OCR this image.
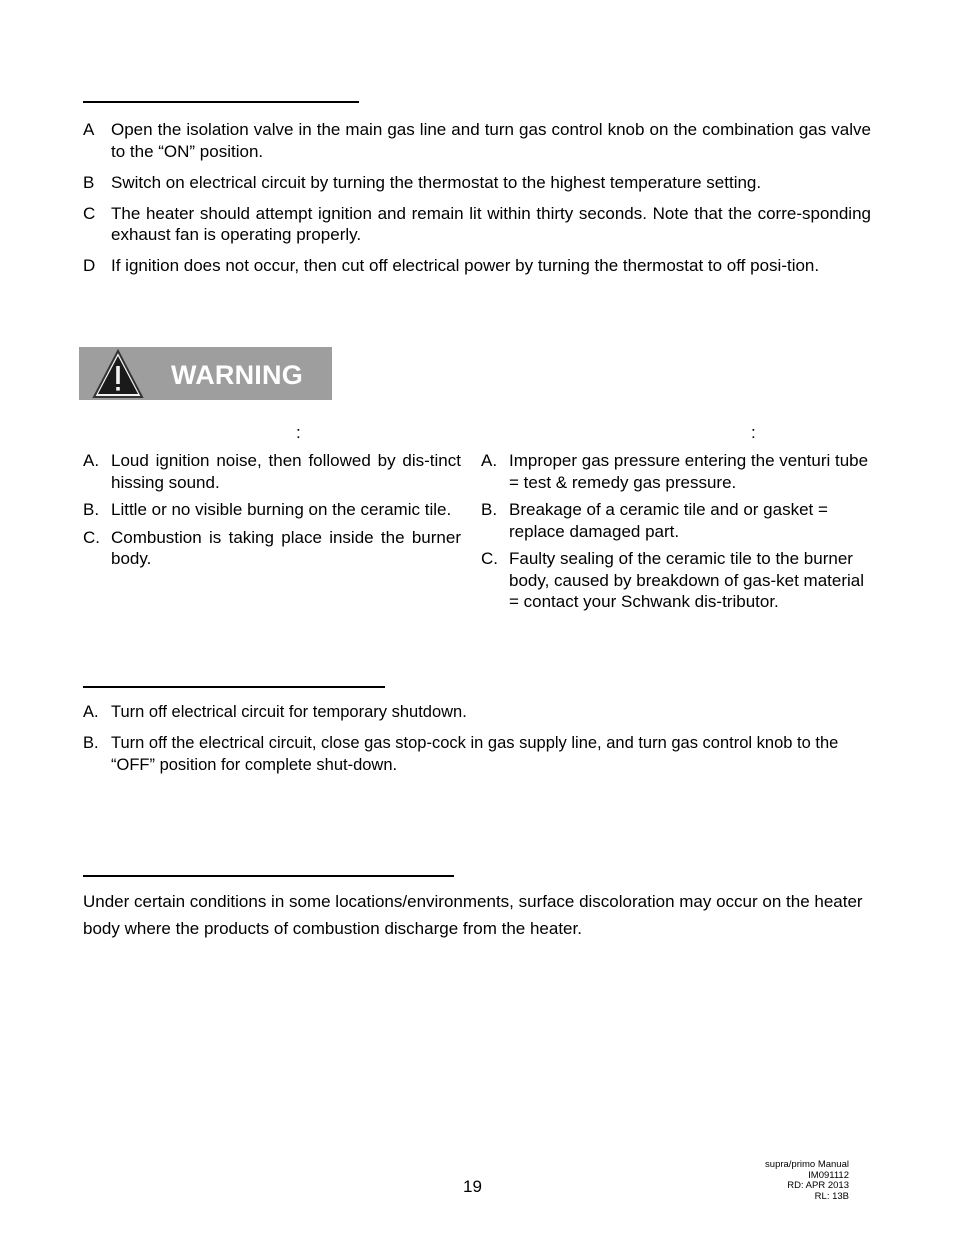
A Open the isolation valve in the main gas line and turn gas control knob on the combination gas valve to the “ON” position.
B Switch on electrical circuit by turning the thermostat to the highest temperature setting.
C The heater should attempt ignition and remain lit within thirty seconds. Note that the corre-sponding exhaust fan is operating properly.
D If ignition does not occur, then cut off electrical power by turning the thermostat to off posi-tion.
WARNING
:	:
A. Loud ignition noise, then followed by dis-tinct hissing sound.
B. Little or no visible burning on the ceramic tile.
C. Combustion is taking place inside the burner body.
A. Improper gas pressure entering the venturi tube = test & remedy gas pressure.
B. Breakage of a ceramic tile and or gasket = replace damaged part.
C. Faulty sealing of the ceramic tile to the burner body, caused by breakdown of gas-ket material = contact your Schwank dis-tributor.
A. Turn off electrical circuit for temporary shutdown.
B. Turn off the electrical circuit, close gas stop-cock in gas supply line, and turn gas control knob to the “OFF” position for complete shut-down.

Under certain conditions in some locations/environments, surface discoloration may occur on the heater body where the products of combustion discharge from the heater.

19
supra/primo Manual
IM091112
RD: APR 2013
RL: 13B
